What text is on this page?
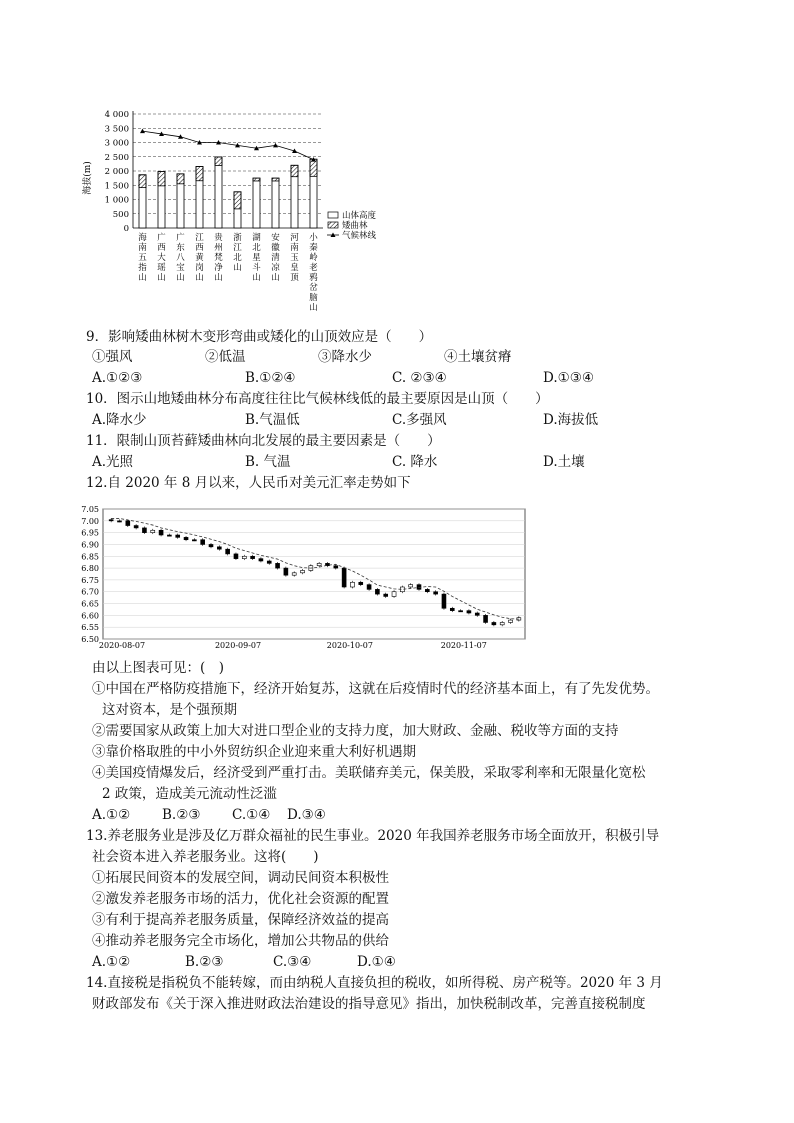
0
500
1 000
1 500
2 000
2 500
3 000
3 500
4 000
海拔(m)
海南五指山
广西大瑶山
广东八宝山
江西黄岗山
贵州梵净山
浙江北山
湖北星斗山
安徽清凉山
河南玉皇顶
小秦岭老鸦岔脑山
山体高度
矮曲林
气候林线
9．影响矮曲林树木变形弯曲或矮化的山顶效应是（　　）
①强风	②低温	③降水少	④土壤贫瘠
A.①②③	B.①②④	C. ②③④	D.①③④
10．图示山地矮曲林分布高度往往比气候林线低的最主要原因是山顶（　　）
A.降水少	B.气温低	C.多强风	D.海拔低
11．限制山顶苔藓矮曲林向北发展的最主要因素是（　　）
A.光照	B. 气温	C. 降水	D.土壤
12.自 2020 年 8 月以来，人民币对美元汇率走势如下
6.50
6.55
6.60
6.65
6.70
6.75
6.80
6.85
6.90
6.95
7.00
7.05
2020-08-07	2020-09-07	2020-10-07	2020-11-07
由以上图表可见：(　)
①中国在严格防疫措施下，经济开始复苏，这就在后疫情时代的经济基本面上，有了先发优势。
这对资本，是个强预期
②需要国家从政策上加大对进口型企业的支持力度，加大财政、金融、税收等方面的支持
③靠价格取胜的中小外贸纺织企业迎来重大利好机遇期
④美国疫情爆发后，经济受到严重打击。美联储弃美元，保美股，采取零利率和无限量化宽松
2 政策，造成美元流动性泛滥
A.①② B.②③ C.①④ D.③④
13.养老服务业是涉及亿万群众福祉的民生事业。2020 年我国养老服务市场全面放开，积极引导
社会资本进入养老服务业。这将(　　)
①拓展民间资本的发展空间，调动民间资本积极性
②激发养老服务市场的活力，优化社会资源的配置
③有利于提高养老服务质量，保障经济效益的提高
④推动养老服务完全市场化，增加公共物品的供给
A.①②	B.②③	C.③④	D.①④
14.直接税是指税负不能转嫁，而由纳税人直接负担的税收，如所得税、房产税等。2020 年 3 月
财政部发布《关于深入推进财政法治建设的指导意见》指出，加快税制改革，完善直接税制度
